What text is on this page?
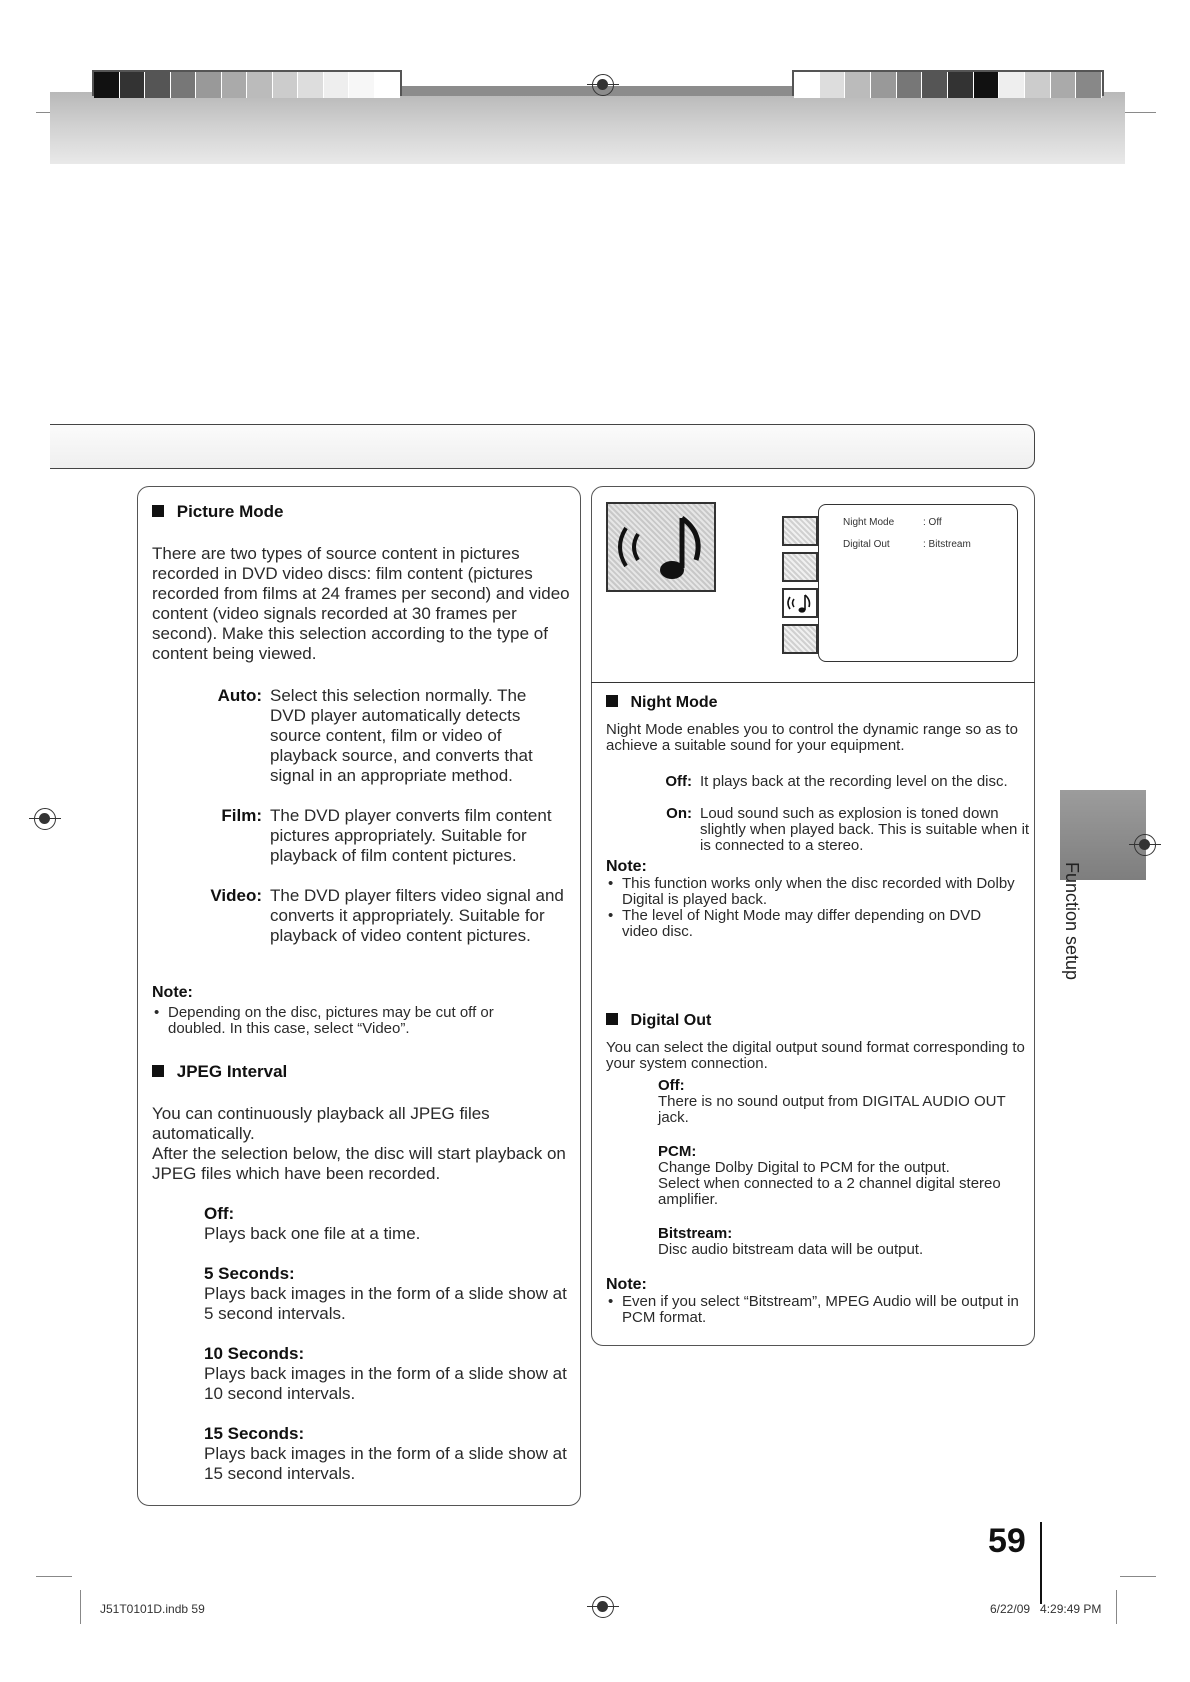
Picture Mode
There are two types of source content in pictures recorded in DVD video discs: film content (pictures recorded from films at 24 frames per second) and video content (video signals recorded at 30 frames per second). Make this selection according to the type of content being viewed.
Auto: Select this selection normally. The DVD player automatically detects source content, film or video of playback source, and converts that signal in an appropriate method.
Film: The DVD player converts film content pictures appropriately. Suitable for playback of film content pictures.
Video: The DVD player filters video signal and converts it appropriately. Suitable for playback of video content pictures.
Note:
• Depending on the disc, pictures may be cut off or doubled. In this case, select “Video”.
JPEG Interval
You can continuously playback all JPEG files automatically.
After the selection below, the disc will start playback on JPEG files which have been recorded.
Off:
Plays back one file at a time.
5 Seconds:
Plays back images in the form of a slide show at 5 second intervals.
10 Seconds:
Plays back images in the form of a slide show at 10 second intervals.
15 Seconds:
Plays back images in the form of a slide show at 15 second intervals.
Night Mode	: Off
Digital Out	: Bitstream
Night Mode
Night Mode enables you to control the dynamic range so as to achieve a suitable sound for your equipment.
Off: It plays back at the recording level on the disc.
On: Loud sound such as explosion is toned down slightly when played back. This is suitable when it is connected to a stereo.
Note:
• This function works only when the disc recorded with Dolby Digital is played back.
• The level of Night Mode may differ depending on DVD video disc.
Digital Out
You can select the digital output sound format corresponding to your system connection.
Off:
There is no sound output from DIGITAL AUDIO OUT jack.
PCM:
Change Dolby Digital to PCM for the output.
Select when connected to a 2 channel digital stereo amplifier.
Bitstream:
Disc audio bitstream data will be output.
Note:
• Even if you select “Bitstream”, MPEG Audio will be output in PCM format.
Function setup
59
J51T0101D.indb 59	6/22/09   4:29:49 PM
